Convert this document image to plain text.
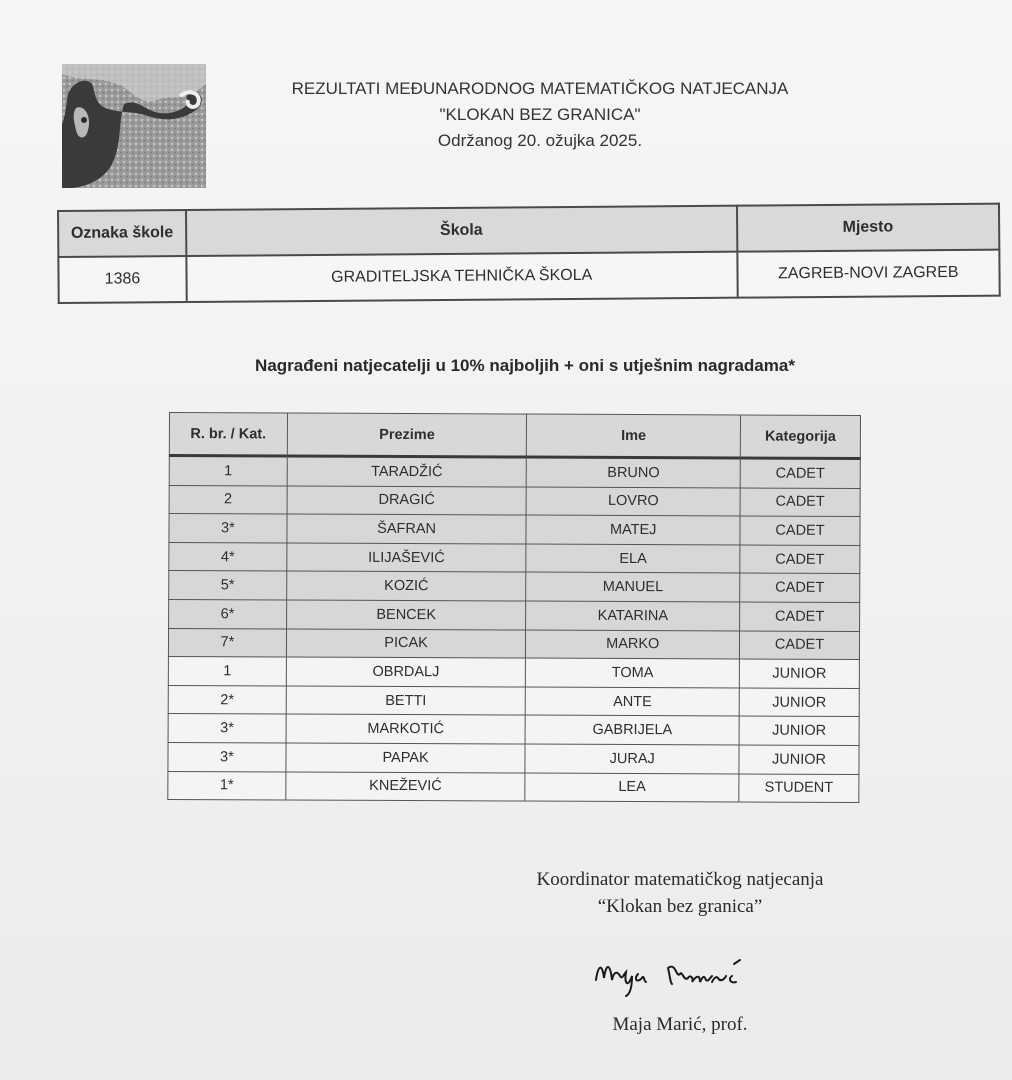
REZULTATI MEĐUNARODNOG MATEMATIČKOG NATJECANJA
"KLOKAN BEZ GRANICA"
Održanog 20. ožujka 2025.
Oznaka škole	Škola	Mjesto
1386	GRADITELJSKA TEHNIČKA ŠKOLA	ZAGREB-NOVI ZAGREB
Nagrađeni natjecatelji u 10% najboljih + oni s utješnim nagradama*
R. br. / Kat.	Prezime	Ime	Kategorija
1	TARADŽIĆ	BRUNO	CADET
2	DRAGIĆ	LOVRO	CADET
3*	ŠAFRAN	MATEJ	CADET
4*	ILIJAŠEVIĆ	ELA	CADET
5*	KOZIĆ	MANUEL	CADET
6*	BENCEK	KATARINA	CADET
7*	PICAK	MARKO	CADET
1	OBRDALJ	TOMA	JUNIOR
2*	BETTI	ANTE	JUNIOR
3*	MARKOTIĆ	GABRIJELA	JUNIOR
3*	PAPAK	JURAJ	JUNIOR
1*	KNEŽEVIĆ	LEA	STUDENT
Koordinator matematičkog natjecanja
“Klokan bez granica”
Maja Marić, prof.
